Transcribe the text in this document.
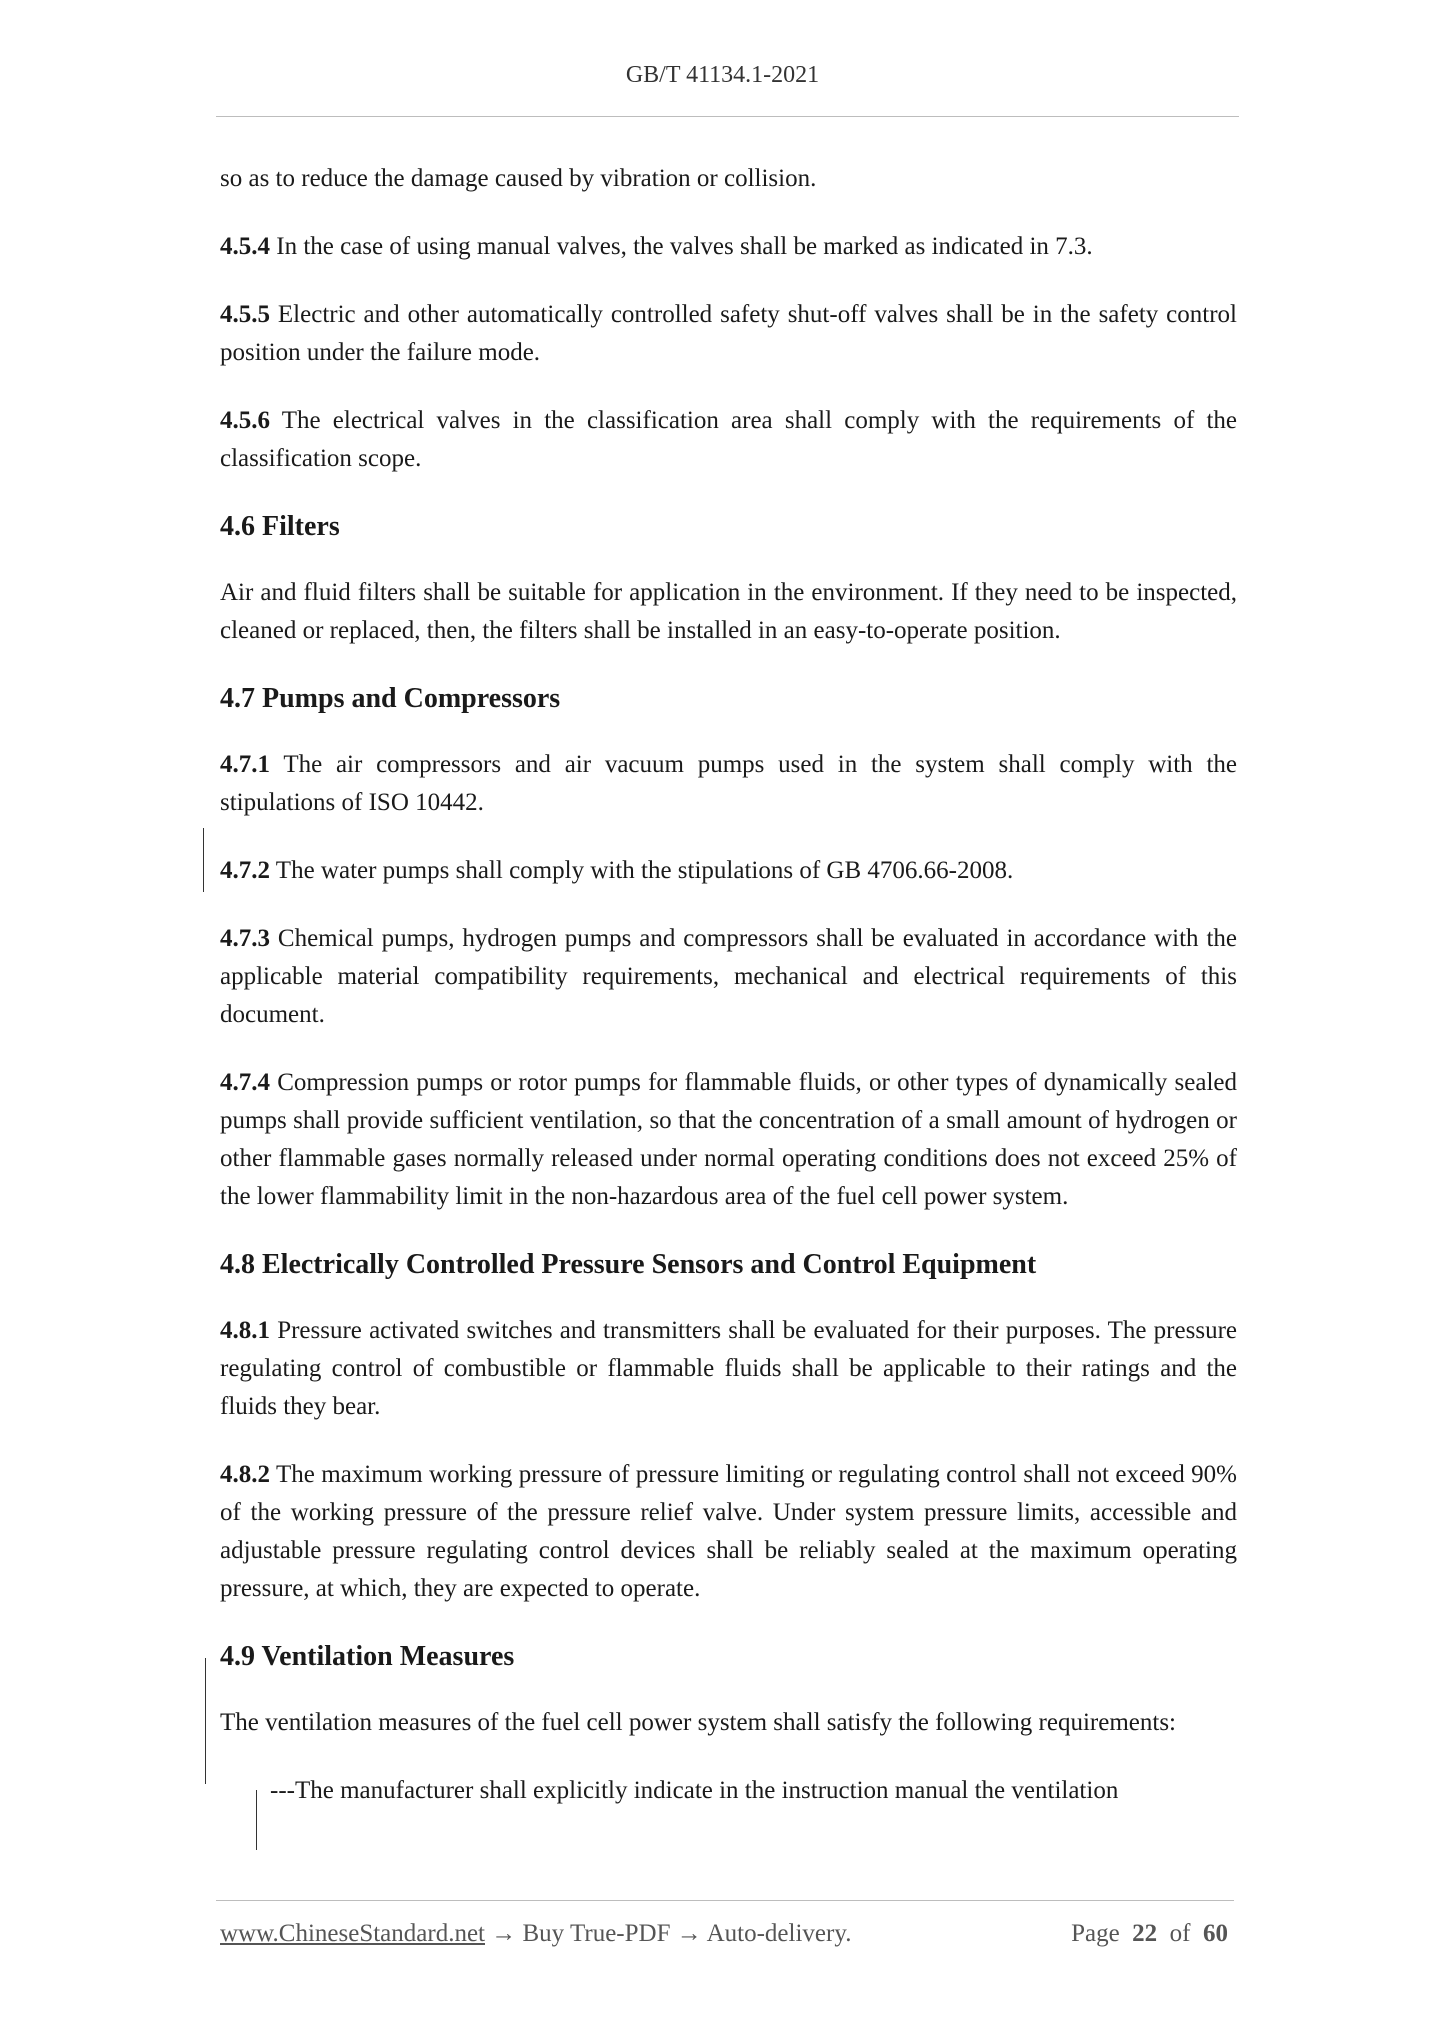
GB/T 41134.1-2021

so as to reduce the damage caused by vibration or collision.

4.5.4 In the case of using manual valves, the valves shall be marked as indicated in 7.3.

4.5.5 Electric and other automatically controlled safety shut-off valves shall be in the safety control position under the failure mode.

4.5.6 The electrical valves in the classification area shall comply with the requirements of the classification scope.

4.6 Filters

Air and fluid filters shall be suitable for application in the environment. If they need to be inspected, cleaned or replaced, then, the filters shall be installed in an easy-to-operate position.

4.7 Pumps and Compressors

4.7.1 The air compressors and air vacuum pumps used in the system shall comply with the stipulations of ISO 10442.

4.7.2 The water pumps shall comply with the stipulations of GB 4706.66-2008.

4.7.3 Chemical pumps, hydrogen pumps and compressors shall be evaluated in accordance with the applicable material compatibility requirements, mechanical and electrical requirements of this document.

4.7.4 Compression pumps or rotor pumps for flammable fluids, or other types of dynamically sealed pumps shall provide sufficient ventilation, so that the concentration of a small amount of hydrogen or other flammable gases normally released under normal operating conditions does not exceed 25% of the lower flammability limit in the non-hazardous area of the fuel cell power system.

4.8 Electrically Controlled Pressure Sensors and Control Equipment

4.8.1 Pressure activated switches and transmitters shall be evaluated for their purposes. The pressure regulating control of combustible or flammable fluids shall be applicable to their ratings and the fluids they bear.

4.8.2 The maximum working pressure of pressure limiting or regulating control shall not exceed 90% of the working pressure of the pressure relief valve. Under system pressure limits, accessible and adjustable pressure regulating control devices shall be reliably sealed at the maximum operating pressure, at which, they are expected to operate.

4.9 Ventilation Measures

The ventilation measures of the fuel cell power system shall satisfy the following requirements:

---The manufacturer shall explicitly indicate in the instruction manual the ventilation

www.ChineseStandard.net → Buy True-PDF → Auto-delivery.	Page 22 of 60
